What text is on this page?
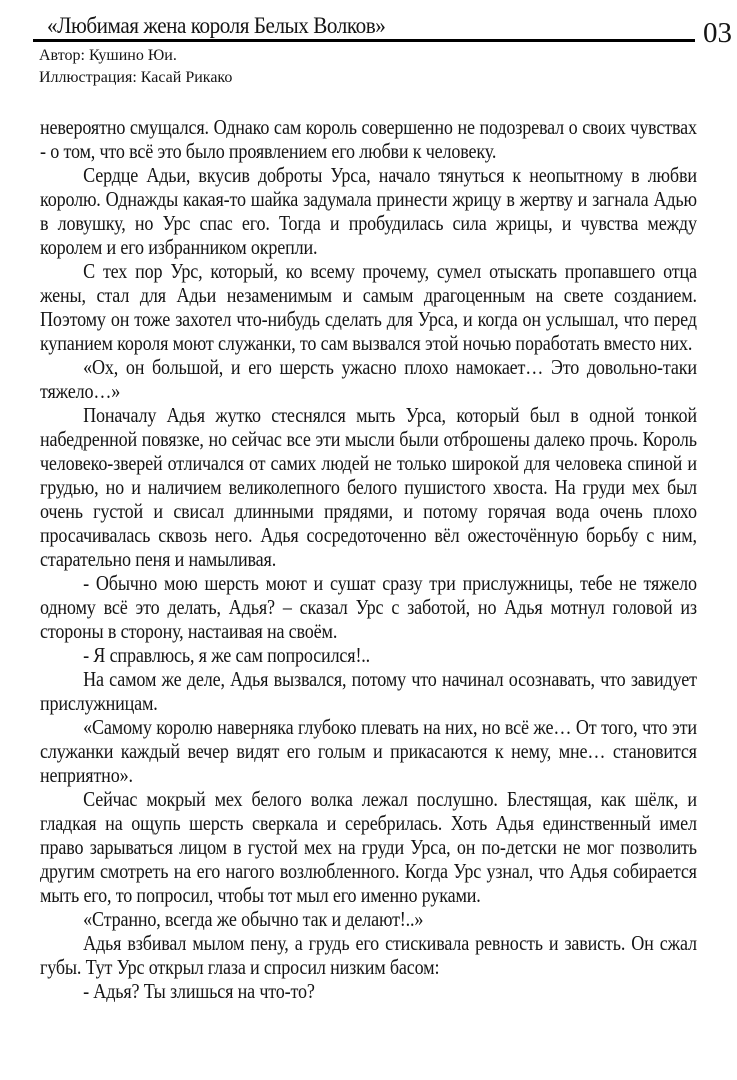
«Любимая жена короля Белых Волков»	03
Автор: Кушино Юи.
Иллюстрация: Касай Рикако

невероятно смущался. Однако сам король совершенно не подозревал о своих чувствах - о том, что всё это было проявлением его любви к человеку.

Сердце Адьи, вкусив доброты Урса, начало тянуться к неопытному в любви королю. Однажды какая-то шайка задумала принести жрицу в жертву и загнала Адью в ловушку, но Урс спас его. Тогда и пробудилась сила жрицы, и чувства между королем и его избранником окрепли.

С тех пор Урс, который, ко всему прочему, сумел отыскать пропавшего отца жены, стал для Адьи незаменимым и самым драгоценным на свете созданием. Поэтому он тоже захотел что-нибудь сделать для Урса, и когда он услышал, что перед купанием короля моют служанки, то сам вызвался этой ночью поработать вместо них.

«Ох, он большой, и его шерсть ужасно плохо намокает… Это довольно-таки тяжело…»

Поначалу Адья жутко стеснялся мыть Урса, который был в одной тонкой набедренной повязке, но сейчас все эти мысли были отброшены далеко прочь. Король человеко-зверей отличался от самих людей не только широкой для человека спиной и грудью, но и наличием великолепного белого пушистого хвоста. На груди мех был очень густой и свисал длинными прядями, и потому горячая вода очень плохо просачивалась сквозь него. Адья сосредоточенно вёл ожесточённую борьбу с ним, старательно пеня и намыливая.

- Обычно мою шерсть моют и сушат сразу три прислужницы, тебе не тяжело одному всё это делать, Адья? – сказал Урс с заботой, но Адья мотнул головой из стороны в сторону, настаивая на своём.

- Я справлюсь, я же сам попросился!..

На самом же деле, Адья вызвался, потому что начинал осознавать, что завидует прислужницам.

«Самому королю наверняка глубоко плевать на них, но всё же… От того, что эти служанки каждый вечер видят его голым и прикасаются к нему, мне… становится неприятно».

Сейчас мокрый мех белого волка лежал послушно. Блестящая, как шёлк, и гладкая на ощупь шерсть сверкала и серебрилась. Хоть Адья единственный имел право зарываться лицом в густой мех на груди Урса, он по-детски не мог позволить другим смотреть на его нагого возлюбленного. Когда Урс узнал, что Адья собирается мыть его, то попросил, чтобы тот мыл его именно руками.

«Странно, всегда же обычно так и делают!..»

Адья взбивал мылом пену, а грудь его стискивала ревность и зависть. Он сжал губы. Тут Урс открыл глаза и спросил низким басом:

- Адья? Ты злишься на что-то?
